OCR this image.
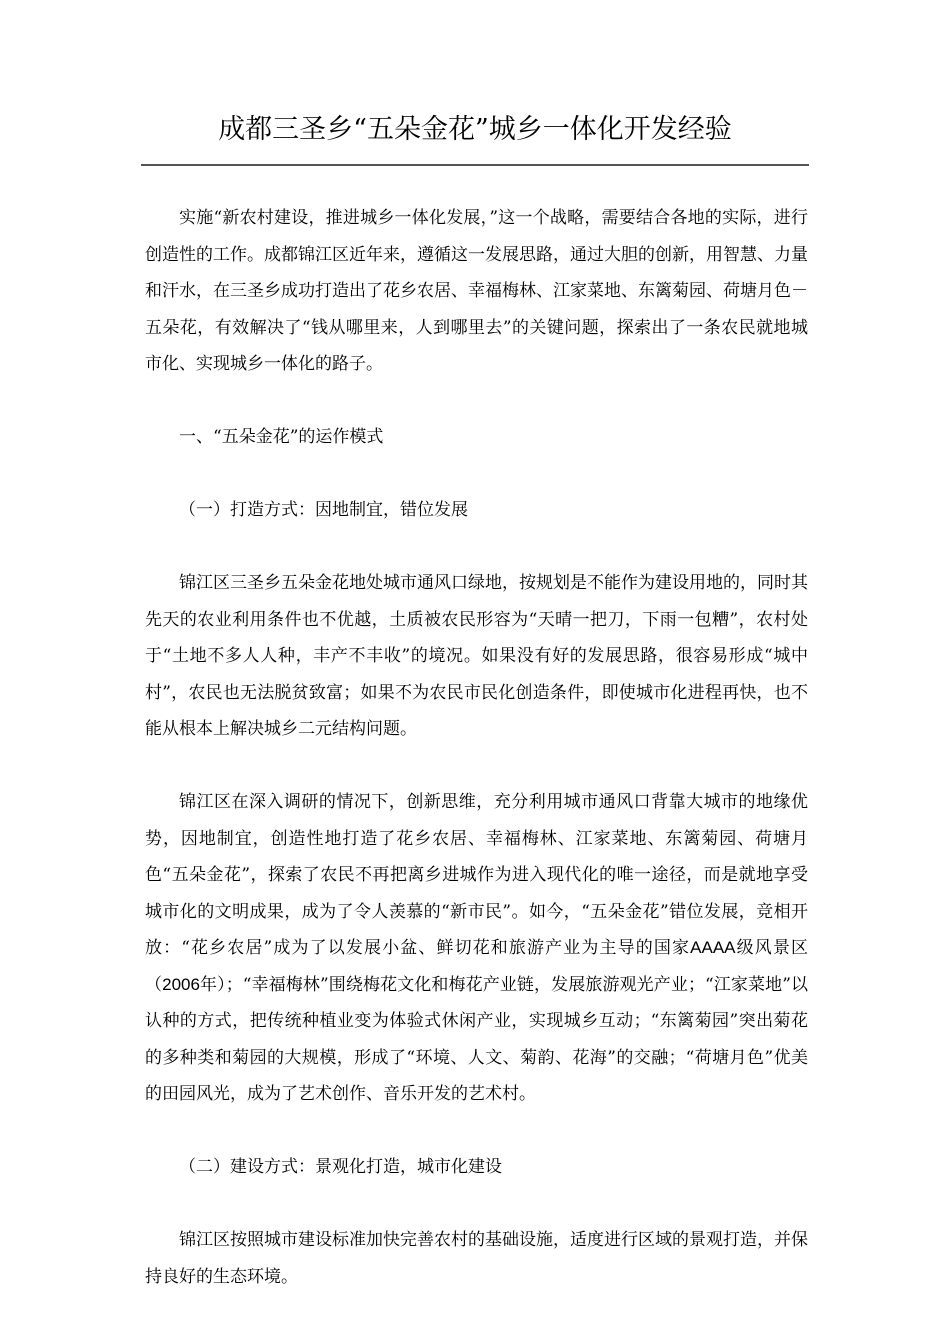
成都三圣乡“五朵金花”城乡一体化开发经验

实施“新农村建设，推进城乡一体化发展，”这一个战略，需要结合各地的实际，进行创造性的工作。成都锦江区近年来，遵循这一发展思路，通过大胆的创新，用智慧、力量和汗水，在三圣乡成功打造出了花乡农居、幸福梅林、江家菜地、东篱菊园、荷塘月色－五朵花，有效解决了“钱从哪里来，人到哪里去”的关键问题，探索出了一条农民就地城市化、实现城乡一体化的路子。

一、“五朵金花”的运作模式

（一）打造方式：因地制宜，错位发展

锦江区三圣乡五朵金花地处城市通风口绿地，按规划是不能作为建设用地的，同时其先天的农业利用条件也不优越，土质被农民形容为“天晴一把刀，下雨一包糟”，农村处于“土地不多人人种，丰产不丰收”的境况。如果没有好的发展思路，很容易形成“城中村”，农民也无法脱贫致富；如果不为农民市民化创造条件，即使城市化进程再快，也不能从根本上解决城乡二元结构问题。

锦江区在深入调研的情况下，创新思维，充分利用城市通风口背靠大城市的地缘优势，因地制宜，创造性地打造了花乡农居、幸福梅林、江家菜地、东篱菊园、荷塘月色“五朵金花”，探索了农民不再把离乡进城作为进入现代化的唯一途径，而是就地享受城市化的文明成果，成为了令人羡慕的“新市民”。如今，“五朵金花”错位发展，竞相开放：“花乡农居”成为了以发展小盆、鲜切花和旅游产业为主导的国家AAAA级风景区（2006年）；“幸福梅林”围绕梅花文化和梅花产业链，发展旅游观光产业；“江家菜地”以认种的方式，把传统种植业变为体验式休闲产业，实现城乡互动；“东篱菊园”突出菊花的多种类和菊园的大规模，形成了“环境、人文、菊韵、花海”的交融；“荷塘月色”优美的田园风光，成为了艺术创作、音乐开发的艺术村。

（二）建设方式：景观化打造，城市化建设

锦江区按照城市建设标准加快完善农村的基础设施，适度进行区域的景观打造，并保持良好的生态环境。
